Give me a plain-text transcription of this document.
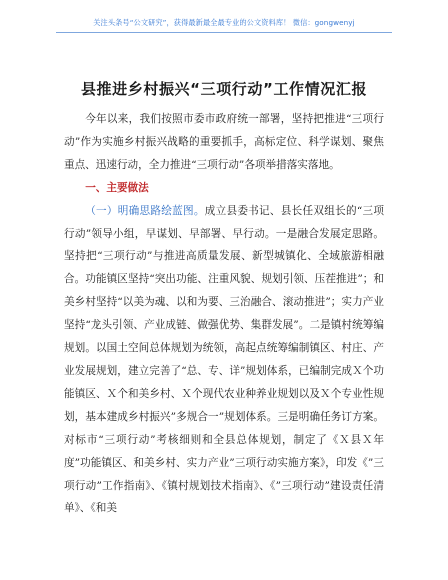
关注头条号“公文研究”，获得最新最全最专业的公文资料库！ 微信：gongwenyj
县推进乡村振兴“三项行动”工作情况汇报

今年以来，我们按照市委市政府统一部署，坚持把推进“三项行动”作为实施乡村振兴战略的重要抓手，高标定位、科学谋划、聚焦重点、迅速行动，全力推进“三项行动”各项举措落实落地。

一、主要做法

（一）明确思路绘蓝图。成立县委书记、县长任双组长的“三项行动”领导小组，早谋划、早部署、早行动。一是融合发展定思路。坚持把“三项行动”与推进高质量发展、新型城镇化、全域旅游相融合。功能镇区坚持“突出功能、注重风貌、规划引领、压茬推进”；和美乡村坚持“以美为魂、以和为要、三治融合、滚动推进”；实力产业坚持“龙头引领、产业成链、做强优势、集群发展”。二是镇村统筹编规划。以国土空间总体规划为统领，高起点统筹编制镇区、村庄、产业发展规划，建立完善了“总、专、详”规划体系，已编制完成Ｘ个功能镇区、Ｘ个和美乡村、Ｘ个现代农业种养业规划以及Ｘ个专业性规划，基本建成乡村振兴”多规合一”规划体系。三是明确任务订方案。对标市“三项行动”考核细则和全县总体规划，制定了《Ｘ县Ｘ年度”功能镇区、和美乡村、实力产业”三项行动实施方案》，印发《”三项行动”工作指南》、《镇村规划技术指南》、《”三项行动”建设责任清单》、《和美
